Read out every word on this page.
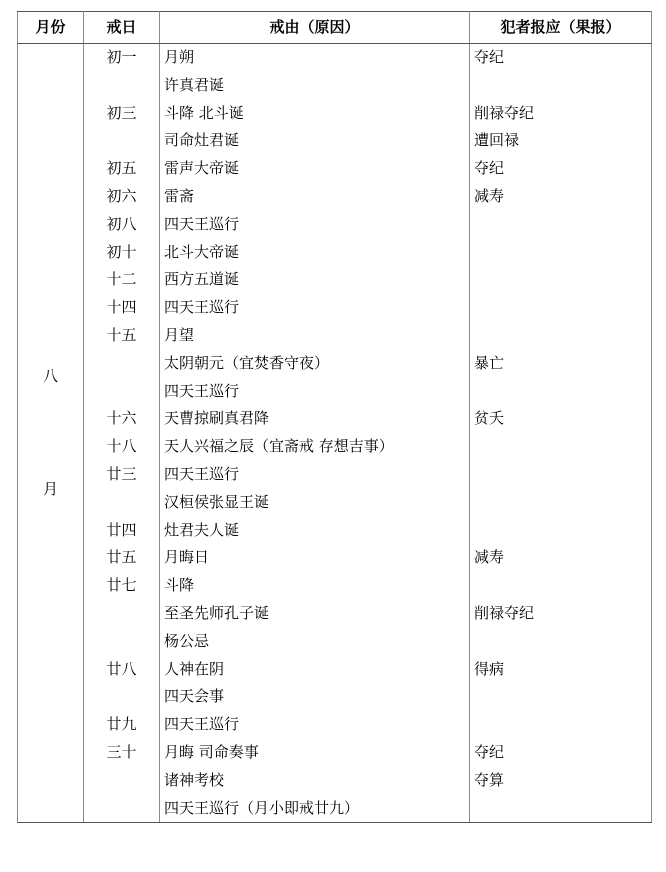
月份	戒日	戒由（原因）	犯者报应（果报）

八
月	初一	月朔	夺纪
		许真君诞	
	初三	斗降 北斗诞	削禄夺纪
		司命灶君诞	遭回禄
	初五	雷声大帝诞	夺纪
	初六	雷斋	减寿
	初八	四天王巡行	
	初十	北斗大帝诞	
	十二	西方五道诞	
	十四	四天王巡行	
	十五	月望	
		太阴朝元（宜焚香守夜）	暴亡
		四天王巡行	
	十六	天曹掠刷真君降	贫夭
	十八	天人兴福之辰（宜斋戒 存想吉事）	
	廿三	四天王巡行	
		汉桓侯张显王诞	
	廿四	灶君夫人诞	
	廿五	月晦日	减寿
	廿七	斗降	
		至圣先师孔子诞	削禄夺纪
		杨公忌	
	廿八	人神在阴	得病
		四天会事	
	廿九	四天王巡行	
	三十	月晦 司命奏事	夺纪
		诸神考校	夺算
		四天王巡行（月小即戒廿九）	
